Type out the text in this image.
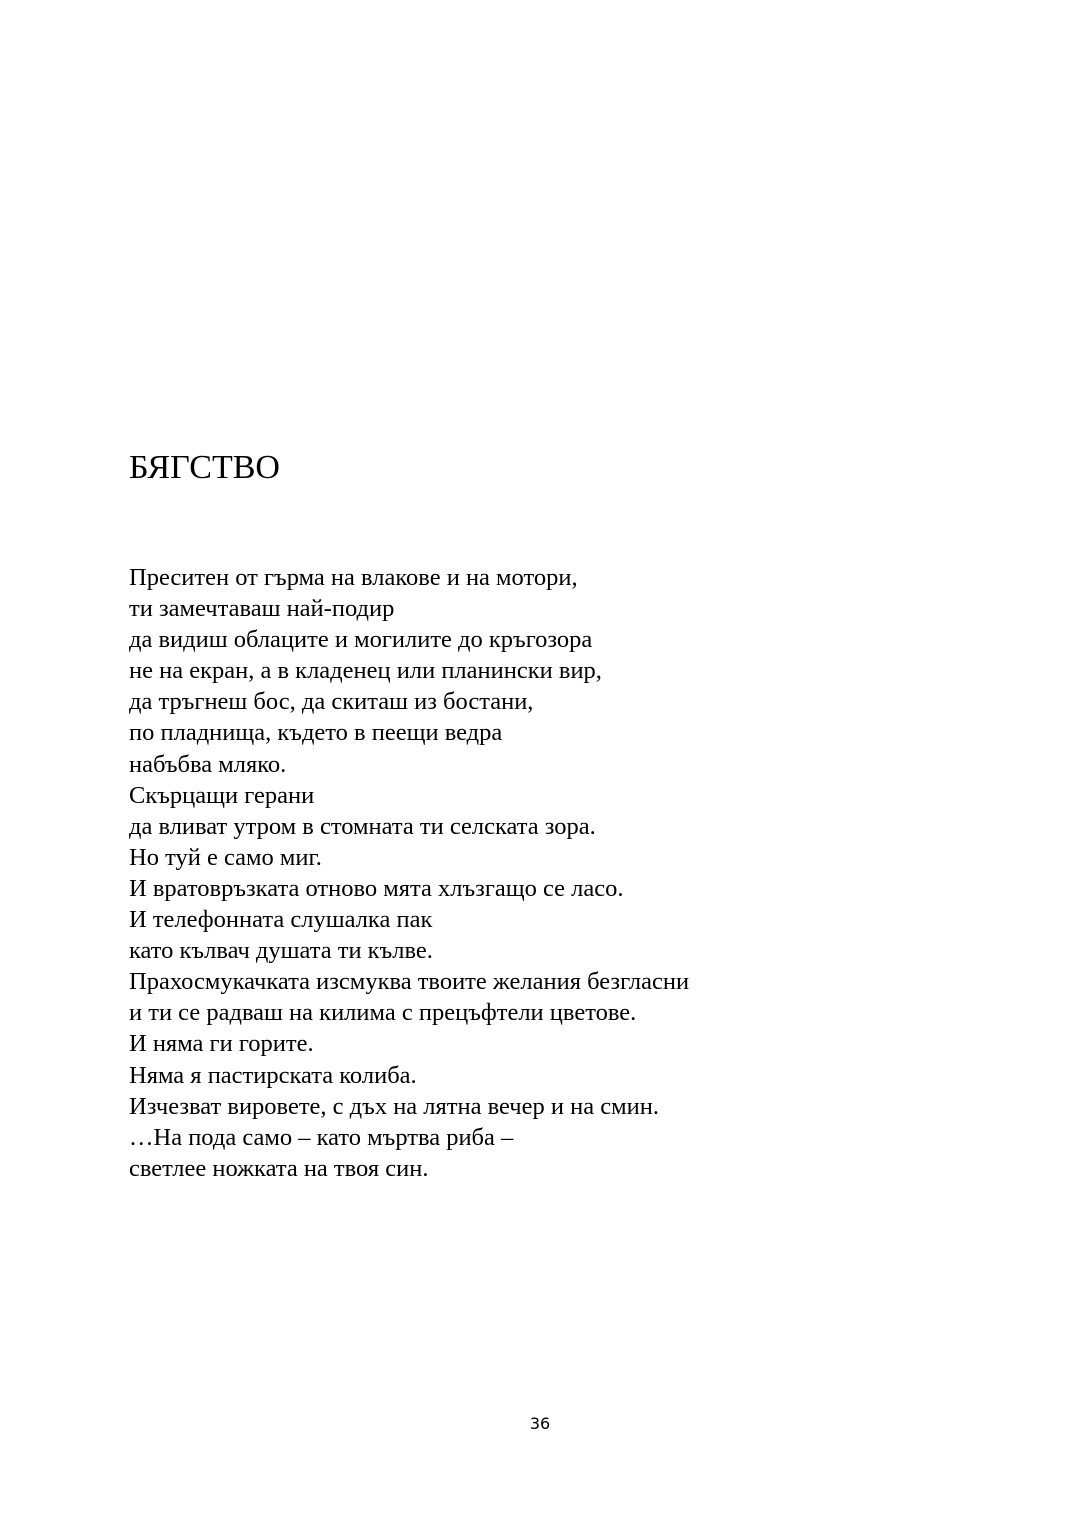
БЯГСТВО
Преситен от гърма на влакове и на мотори,
ти замечтаваш най-подир
да видиш облаците и могилите до кръгозора
не на екран, а в кладенец или планински вир,
да тръгнеш бос, да скиташ из бостани,
по пладнища, където в пеещи ведра
набъбва мляко.
Скърцащи герани
да вливат утром в стомната ти селската зора.
Но туй е само миг.
И вратовръзката отново мята хлъзгащо се ласо.
И телефонната слушалка пак
като кълвач душата ти кълве.
Прахосмукачката изсмуква твоите желания безгласни
и ти се радваш на килима с прецъфтели цветове.
И няма ги горите.
Няма я пастирската колиба.
Изчезват вировете, с дъх на лятна вечер и на смин.
…На пода само – като мъртва риба –
светлее ножката на твоя син.
36
